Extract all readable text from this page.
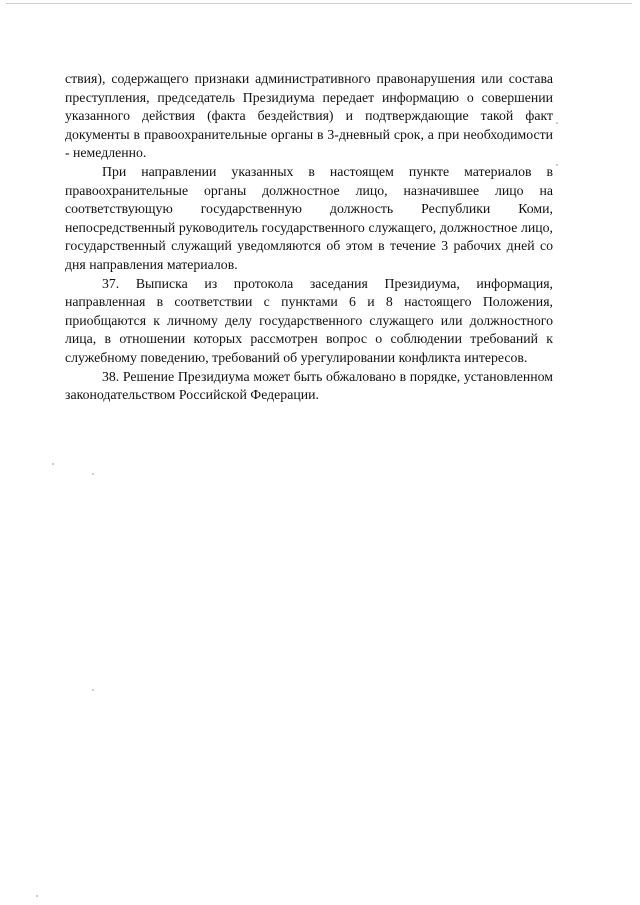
ствия), содержащего признаки административного правонарушения или состава преступления, председатель Президиума передает информацию о совершении указанного действия (факта бездействия) и подтверждающие такой факт документы в правоохранительные органы в 3-дневный срок, а при необходимости - немедленно.

При направлении указанных в настоящем пункте материалов в правоохранительные органы должностное лицо, назначившее лицо на соответствующую государственную должность Республики Коми, непосредственный руководитель государственного служащего, должностное лицо, государственный служащий уведомляются об этом в течение 3 рабочих дней со дня направления материалов.

37. Выписка из протокола заседания Президиума, информация, направленная в соответствии с пунктами 6 и 8 настоящего Положения, приобщаются к личному делу государственного служащего или должностного лица, в отношении которых рассмотрен вопрос о соблюдении требований к служебному поведению, требований об урегулировании конфликта интересов.

38. Решение Президиума может быть обжаловано в порядке, установленном законодательством Российской Федерации.
